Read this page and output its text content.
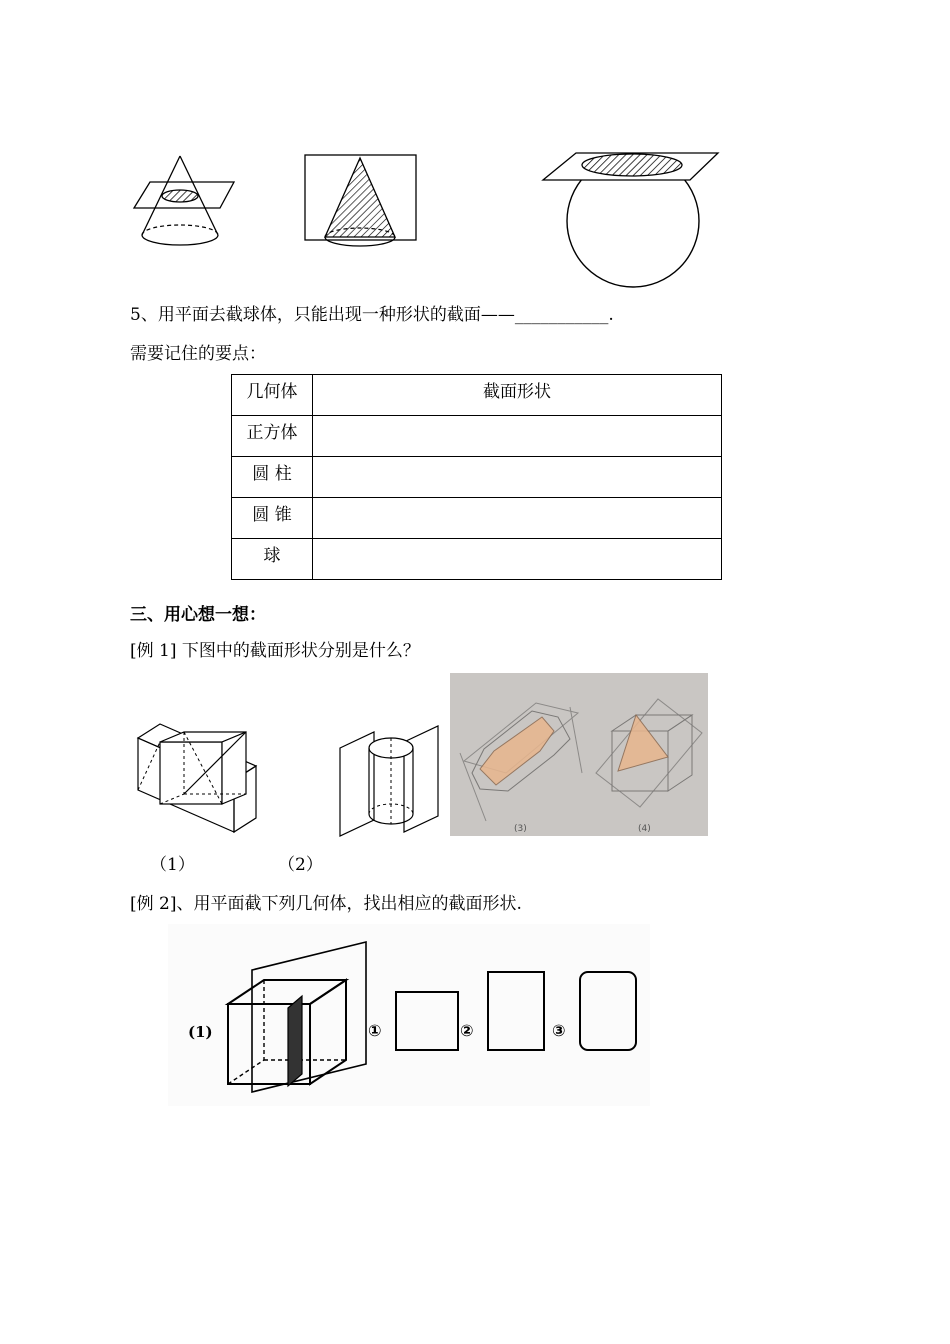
5、用平面去截球体，只能出现一种形状的截面——___________.
需要记住的要点：
几何体	截面形状
正方体	
圆 柱	
圆 锥	
球	
三、用心想一想：
[例 1] 下图中的截面形状分别是什么？
(3)	(4)
（1）	（2）
[例 2]、用平面截下列几何体，找出相应的截面形状.
(1)	①	②	③
